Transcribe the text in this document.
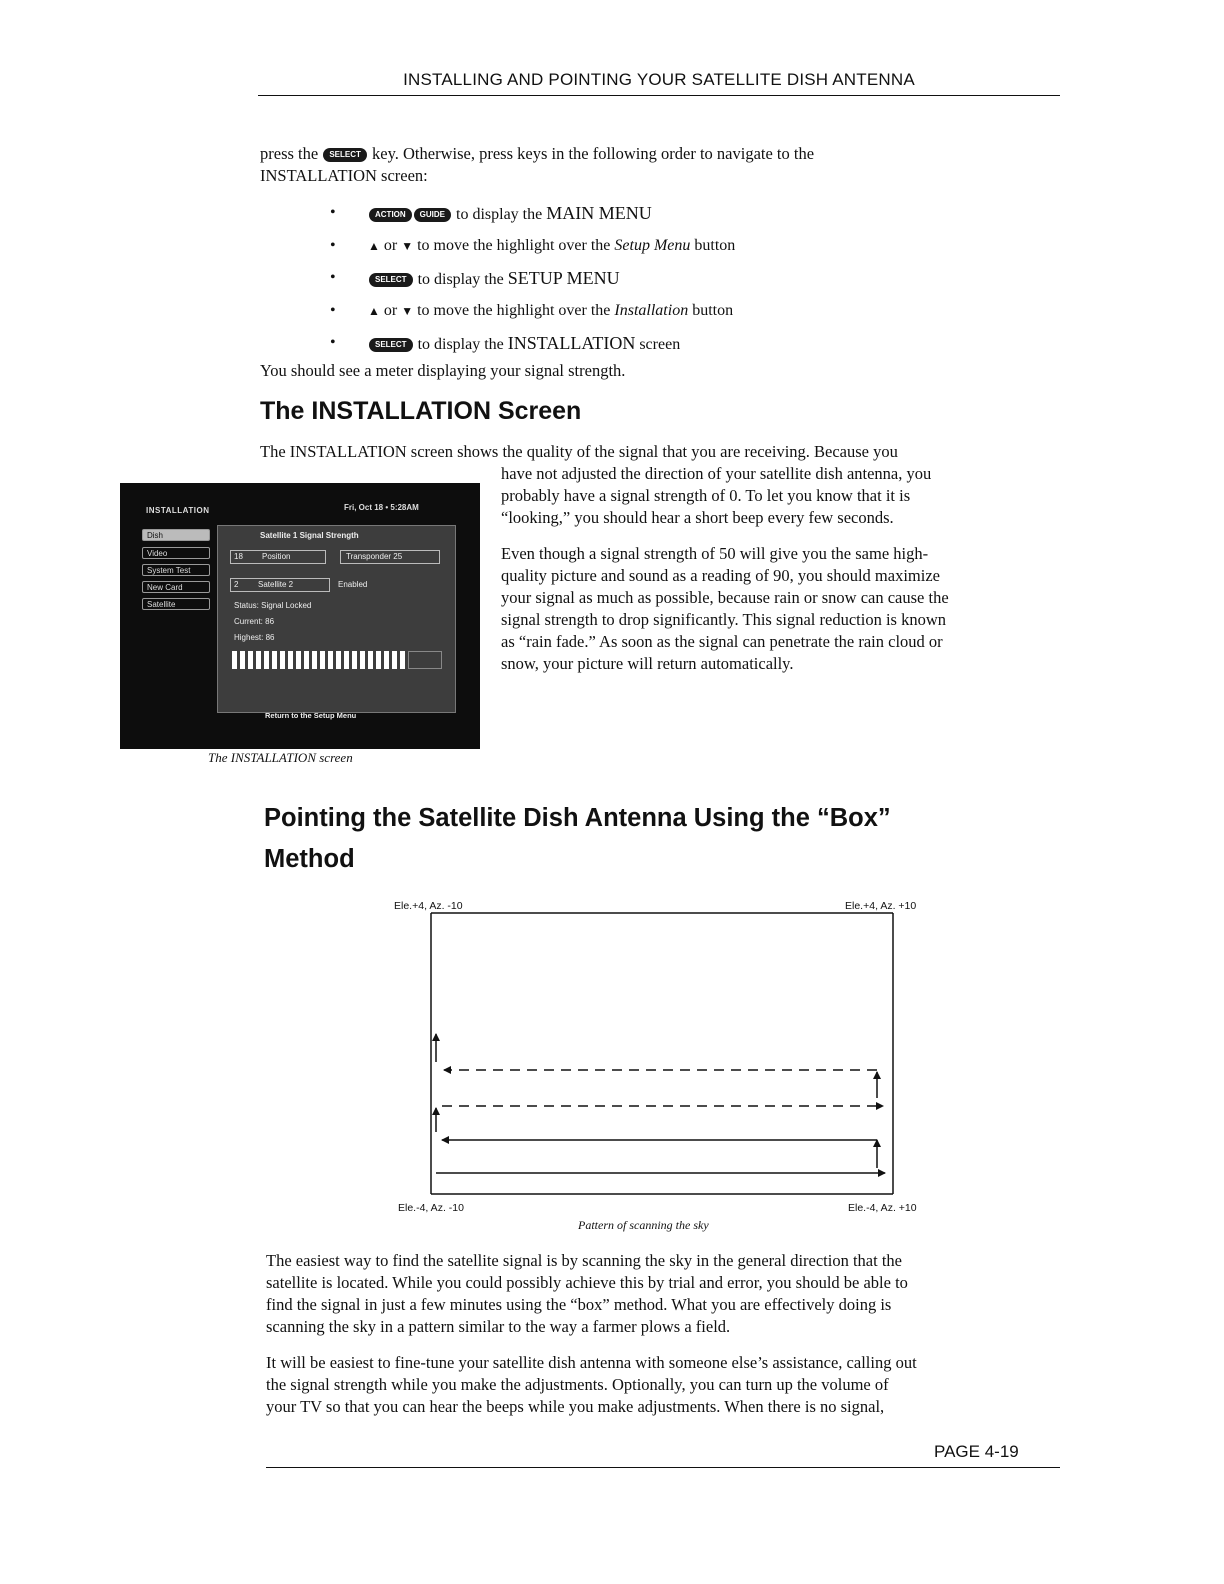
INSTALLING AND POINTING YOUR SATELLITE DISH ANTENNA
press the SELECT key. Otherwise, press keys in the following order to navigate to the
INSTALLATION screen:
• ACTION GUIDE to display the MAIN MENU
• ▲ or ▼ to move the highlight over the Setup Menu button
• SELECT to display the SETUP MENU
• ▲ or ▼ to move the highlight over the Installation button
• SELECT to display the INSTALLATION screen
You should see a meter displaying your signal strength.
The INSTALLATION Screen
The INSTALLATION screen shows the quality of the signal that you are receiving. Because you
have not adjusted the direction of your satellite dish antenna, you
probably have a signal strength of 0. To let you know that it is
“looking,” you should hear a short beep every few seconds.
Even though a signal strength of 50 will give you the same high-
quality picture and sound as a reading of 90, you should maximize
your signal as much as possible, because rain or snow can cause the
signal strength to drop significantly. This signal reduction is known
as “rain fade.” As soon as the signal can penetrate the rain cloud or
snow, your picture will return automatically.
INSTALLATION	Fri, Oct 18 • 5:28AM
Dish
Video
System Test
New Card
Satellite
Satellite 1 Signal Strength
18 Position	Transponder 25
2 Satellite 2	Enabled
Status: Signal Locked
Current: 86
Highest: 86
Return to the Setup Menu
The INSTALLATION screen
Pointing the Satellite Dish Antenna Using the “Box”
Method
Ele.+4, Az. -10	Ele.+4, Az. +10
Ele.-4, Az. -10	Ele.-4, Az. +10
Pattern of scanning the sky
The easiest way to find the satellite signal is by scanning the sky in the general direction that the
satellite is located. While you could possibly achieve this by trial and error, you should be able to
find the signal in just a few minutes using the “box” method. What you are effectively doing is
scanning the sky in a pattern similar to the way a farmer plows a field.
It will be easiest to fine-tune your satellite dish antenna with someone else’s assistance, calling out
the signal strength while you make the adjustments. Optionally, you can turn up the volume of
your TV so that you can hear the beeps while you make adjustments. When there is no signal,
PAGE 4-19
